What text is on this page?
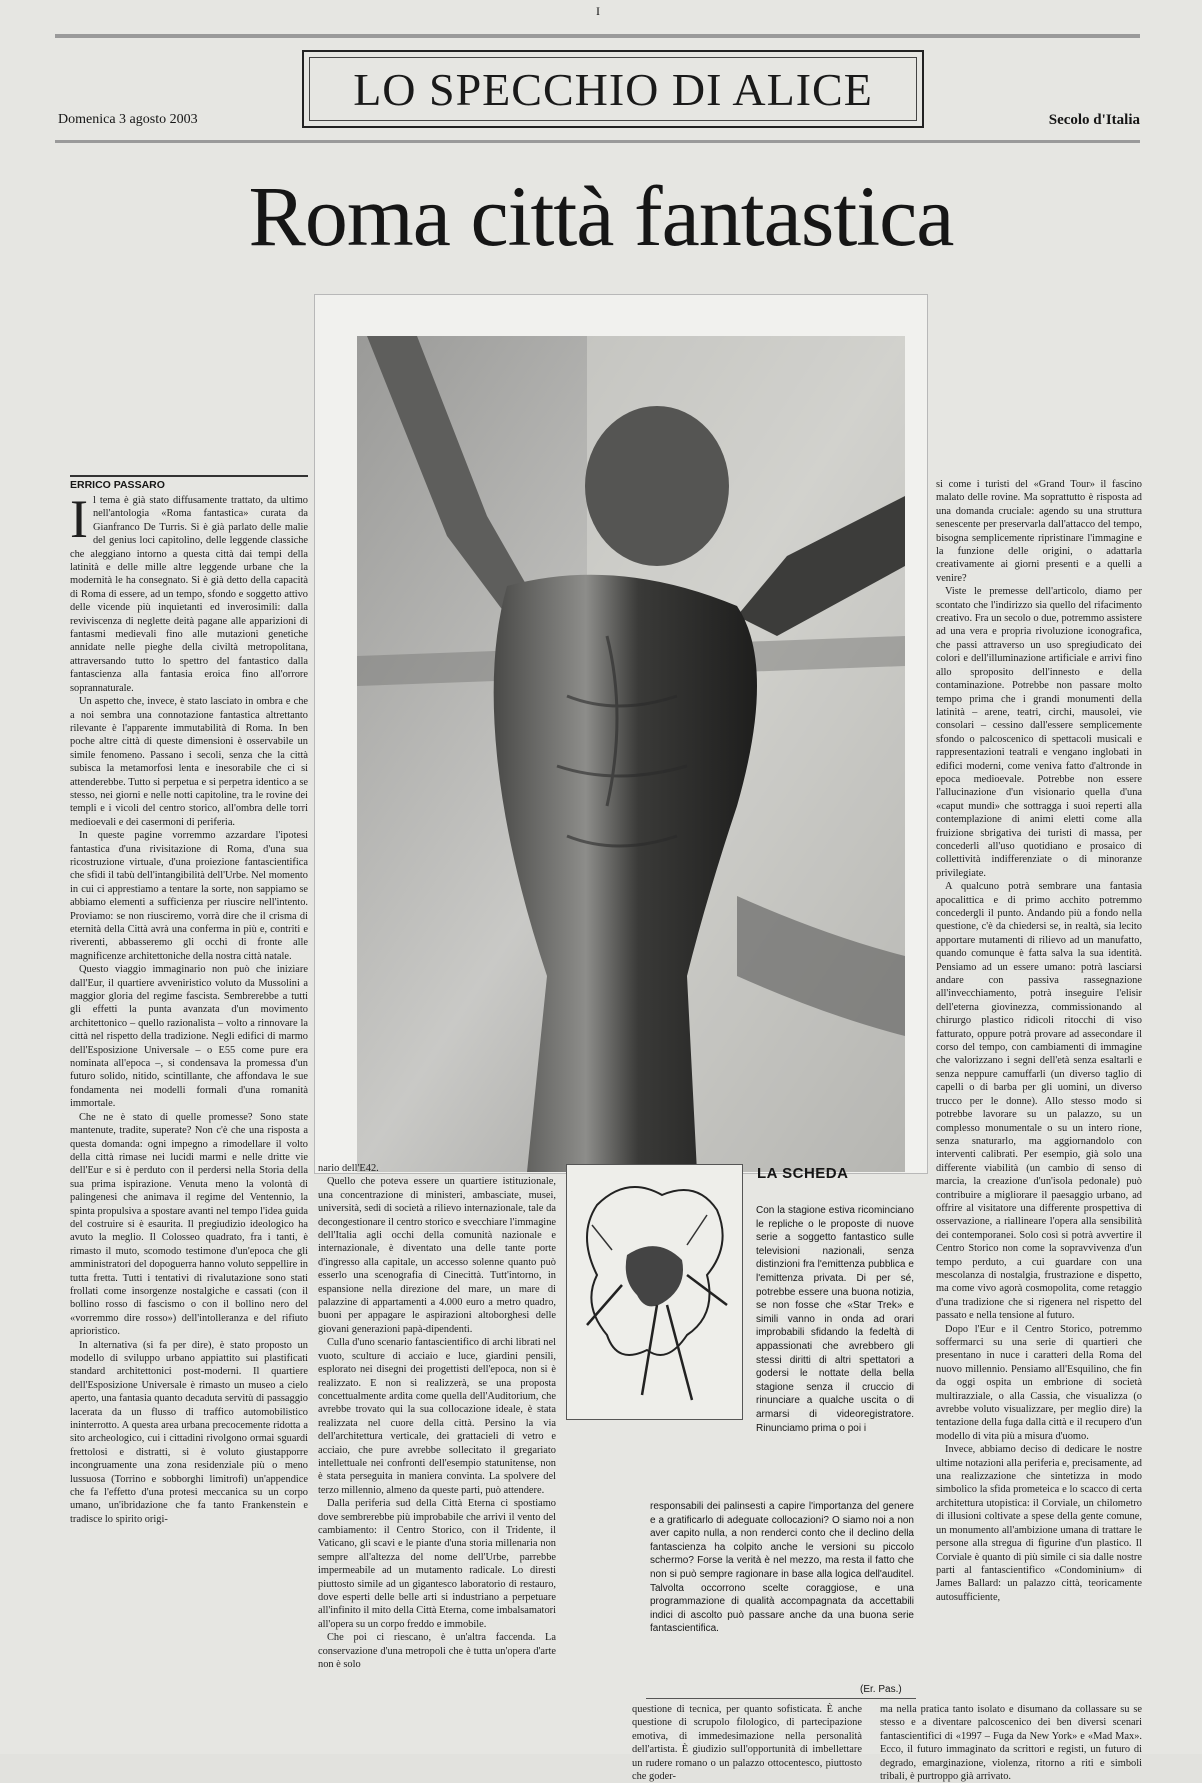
I
Domenica 3 agosto 2003
LO SPECCHIO DI ALICE
Secolo d'Italia
Roma città fantastica
ERRICO PASSARO

Il tema è già stato diffusamente trattato, da ultimo nell'antologia «Roma fantastica» curata da Gianfranco De Turris. Si è già parlato delle malie del genius loci capitolino, delle leggende classiche che aleggiano intorno a questa città dai tempi della latinità e delle mille altre leggende urbane che la modernità le ha consegnato. Si è già detto della capacità di Roma di essere, ad un tempo, sfondo e soggetto attivo delle vicende più inquietanti ed inverosimili: dalla reviviscenza di neglette deità pagane alle apparizioni di fantasmi medievali fino alle mutazioni genetiche annidate nelle pieghe della civiltà metropolitana, attraversando tutto lo spettro del fantastico dalla fantascienza alla fantasia eroica fino all'orrore soprannaturale.

Un aspetto che, invece, è stato lasciato in ombra e che a noi sembra una connotazione fantastica altrettanto rilevante è l'apparente immutabilità di Roma. In ben poche altre città di queste dimensioni è osservabile un simile fenomeno. Passano i secoli, senza che la città subisca la metamorfosi lenta e inesorabile che ci si attenderebbe. Tutto si perpetua e si perpetra identico a se stesso, nei giorni e nelle notti capitoline, tra le rovine dei templi e i vicoli del centro storico, all'ombra delle torri medioevali e dei casermoni di periferia.

In queste pagine vorremmo azzardare l'ipotesi fantastica d'una rivisitazione di Roma, d'una sua ricostruzione virtuale, d'una proiezione fantascientifica che sfidi il tabù dell'intangibilità dell'Urbe. Nel momento in cui ci apprestiamo a tentare la sorte, non sappiamo se abbiamo elementi a sufficienza per riuscire nell'intento. Proviamo: se non riusciremo, vorrà dire che il crisma di eternità della Città avrà una conferma in più e, contriti e riverenti, abbasseremo gli occhi di fronte alle magnificenze architettoniche della nostra città natale.

Questo viaggio immaginario non può che iniziare dall'Eur, il quartiere avveniristico voluto da Mussolini a maggior gloria del regime fascista. Sembrerebbe a tutti gli effetti la punta avanzata d'un movimento architettonico – quello razionalista – volto a rinnovare la città nel rispetto della tradizione. Negli edifici di marmo dell'Esposizione Universale – o E55 come pure era nominata all'epoca –, si condensava la promessa d'un futuro solido, nitido, scintillante, che affondava le sue fondamenta nei modelli formali d'una romanità immortale.

Che ne è stato di quelle promesse? Sono state mantenute, tradite, superate? Non c'è che una risposta a questa domanda: ogni impegno a rimodellare il volto della città rimase nei lucidi marmi e nelle dritte vie dell'Eur e si è perduto con il perdersi nella Storia della sua prima ispirazione. Venuta meno la volontà di palingenesi che animava il regime del Ventennio, la spinta propulsiva a spostare avanti nel tempo l'idea guida del costruire si è esaurita. Il pregiudizio ideologico ha avuto la meglio. Il Colosseo quadrato, fra i tanti, è rimasto il muto, scomodo testimone d'un'epoca che gli amministratori del dopoguerra hanno voluto seppellire in tutta fretta. Tutti i tentativi di rivalutazione sono stati frollati come insorgenze nostalgiche e cassati (con il bollino rosso di fascismo o con il bollino nero del «vorremmo dire rosso») dell'intolleranza e del rifiuto aprioristico.

In alternativa (si fa per dire), è stato proposto un modello di sviluppo urbano appiattito sui plastificati standard architettonici post-moderni. Il quartiere dell'Esposizione Universale è rimasto un museo a cielo aperto, una fantasia quanto decaduta servitù di passaggio lacerata da un flusso di traffico automobilistico ininterrotto. A questa area urbana precocemente ridotta a sito archeologico, cui i cittadini rivolgono ormai sguardi frettolosi e distratti, si è voluto giustapporre incongruamente una zona residenziale più o meno lussuosa (Torrino e sobborghi limitrofi) un'appendice che fa l'effetto d'una protesi meccanica su un corpo umano, un'ibridazione che fa tanto Frankenstein e tradisce lo spirito origi-

nario dell'E42.

Quello che poteva essere un quartiere istituzionale, una concentrazione di ministeri, ambasciate, musei, università, sedi di società a rilievo internazionale, tale da decongestionare il centro storico e svecchiare l'immagine dell'Italia agli occhi della comunità nazionale e internazionale, è diventato una delle tante porte d'ingresso alla capitale, un accesso solenne quanto può esserlo una scenografia di Cinecittà. Tutt'intorno, in espansione nella direzione del mare, un mare di palazzine di appartamenti a 4.000 euro a metro quadro, buoni per appagare le aspirazioni altoborghesi delle giovani generazioni papà-dipendenti.

Culla d'uno scenario fantascientifico di archi librati nel vuoto, sculture di acciaio e luce, giardini pensili, esplorato nei disegni dei progettisti dell'epoca, non si è realizzato. E non si realizzerà, se una proposta concettualmente ardita come quella dell'Auditorium, che avrebbe trovato qui la sua collocazione ideale, è stata realizzata nel cuore della città. Persino la via dell'architettura verticale, dei grattacieli di vetro e acciaio, che pure avrebbe sollecitato il gregariato intellettuale nei confronti dell'esempio statunitense, non è stata perseguita in maniera convinta. La spolvere del terzo millennio, almeno da queste parti, può attendere.

Dalla periferia sud della Città Eterna ci spostiamo dove sembrerebbe più improbabile che arrivi il vento del cambiamento: il Centro Storico, con il Tridente, il Vaticano, gli scavi e le piante d'una storia millenaria non sempre all'altezza del nome dell'Urbe, parrebbe impermeabile ad un mutamento radicale. Lo diresti piuttosto simile ad un gigantesco laboratorio di restauro, dove esperti delle belle arti si industriano a perpetuare all'infinito il mito della Città Eterna, come imbalsamatori all'opera su un corpo freddo e immobile.

Che poi ci riescano, è un'altra faccenda. La conservazione d'una metropoli che è tutta un'opera d'arte non è solo

LA SCHEDA
Con la stagione estiva ricominciano le repliche o le proposte di nuove serie a soggetto fantastico sulle televisioni nazionali, senza distinzioni fra l'emittenza pubblica e l'emittenza privata. Di per sé, potrebbe essere una buona notizia, se non fosse che «Star Trek» e simili vanno in onda ad orari improbabili sfidando la fedeltà di appassionati che avrebbero gli stessi diritti di altri spettatori a godersi le nottate della bella stagione senza il cruccio di rinunciare a qualche uscita o di armarsi di videoregistratore. Rinunciamo prima o poi i
responsabili dei palinsesti a capire l'importanza del genere e a gratificarlo di adeguate collocazioni? O siamo noi a non aver capito nulla, a non renderci conto che il declino della fantascienza ha colpito anche le versioni su piccolo schermo? Forse la verità è nel mezzo, ma resta il fatto che non si può sempre ragionare in base alla logica dell'auditel. Talvolta occorrono scelte coraggiose, e una programmazione di qualità accompagnata da accettabili indici di ascolto può passare anche da una buona serie fantascientifica.
(Er. Pas.)

questione di tecnica, per quanto sofisticata. È anche questione di scrupolo filologico, di partecipazione emotiva, di immedesimazione nella personalità dell'artista. È giudizio sull'opportunità di imbellettare un rudere romano o un palazzo ottocentesco, piuttosto che goder-

si come i turisti del «Grand Tour» il fascino malato delle rovine. Ma soprattutto è risposta ad una domanda cruciale: agendo su una struttura senescente per preservarla dall'attacco del tempo, bisogna semplicemente ripristinare l'immagine e la funzione delle origini, o adattarla creativamente ai giorni presenti e a quelli a venire?

Viste le premesse dell'articolo, diamo per scontato che l'indirizzo sia quello del rifacimento creativo. Fra un secolo o due, potremmo assistere ad una vera e propria rivoluzione iconografica, che passi attraverso un uso spregiudicato dei colori e dell'illuminazione artificiale e arrivi fino allo sproposito dell'innesto e della contaminazione. Potrebbe non passare molto tempo prima che i grandi monumenti della latinità – arene, teatri, circhi, mausolei, vie consolari – cessino dall'essere semplicemente sfondo o palcoscenico di spettacoli musicali e rappresentazioni teatrali e vengano inglobati in edifici moderni, come veniva fatto d'altronde in epoca medioevale. Potrebbe non essere l'allucinazione d'un visionario quella d'una «caput mundi» che sottragga i suoi reperti alla contemplazione di animi eletti come alla fruizione sbrigativa dei turisti di massa, per concederli all'uso quotidiano e prosaico di collettività indifferenziate o di minoranze privilegiate.

A qualcuno potrà sembrare una fantasia apocalittica e di primo acchito potremmo concedergli il punto. Andando più a fondo nella questione, c'è da chiedersi se, in realtà, sia lecito apportare mutamenti di rilievo ad un manufatto, quando comunque è fatta salva la sua identità. Pensiamo ad un essere umano: potrà lasciarsi andare con passiva rassegnazione all'invecchiamento, potrà inseguire l'elisir dell'eterna giovinezza, commissionando al chirurgo plastico ridicoli ritocchi di viso fatturato, oppure potrà provare ad assecondare il corso del tempo, con cambiamenti di immagine che valorizzano i segni dell'età senza esaltarli e senza neppure camuffarli (un diverso taglio di capelli o di barba per gli uomini, un diverso trucco per le donne). Allo stesso modo si potrebbe lavorare su un palazzo, su un complesso monumentale o su un intero rione, senza snaturarlo, ma aggiornandolo con interventi calibrati. Per esempio, già solo una differente viabilità (un cambio di senso di marcia, la creazione d'un'isola pedonale) può contribuire a migliorare il paesaggio urbano, ad offrire al visitatore una differente prospettiva di osservazione, a riallineare l'opera alla sensibilità dei contemporanei. Solo così si potrà avvertire il Centro Storico non come la sopravvivenza d'un tempo perduto, a cui guardare con una mescolanza di nostalgia, frustrazione e dispetto, ma come vivo agorà cosmopolita, come retaggio d'una tradizione che si rigenera nel rispetto del passato e nella tensione al futuro.

Dopo l'Eur e il Centro Storico, potremmo soffermarci su una serie di quartieri che presentano in nuce i caratteri della Roma del nuovo millennio. Pensiamo all'Esquilino, che fin da oggi ospita un embrione di società multirazziale, o alla Cassia, che visualizza (o avrebbe voluto visualizzare, per meglio dire) la tentazione della fuga dalla città e il recupero d'un modello di vita più a misura d'uomo.

Invece, abbiamo deciso di dedicare le nostre ultime notazioni alla periferia e, precisamente, ad una realizzazione che sintetizza in modo simbolico la sfida prometeica e lo scacco di certa architettura utopistica: il Corviale, un chilometro di illusioni coltivate a spese della gente comune, un monumento all'ambizione umana di trattare le persone alla stregua di figurine d'un plastico. Il Corviale è quanto di più simile ci sia dalle nostre parti al fantascientifico «Condominium» di James Ballard: un palazzo città, teoricamente autosufficiente,

ma nella pratica tanto isolato e disumano da collassare su se stesso e a diventare palcoscenico dei ben diversi scenari fantascientifici di «1997 – Fuga da New York» e «Mad Max». Ecco, il futuro immaginato da scrittori e registi, un futuro di degrado, emarginazione, violenza, ritorno a riti e simboli tribali, è purtroppo già arrivato.
